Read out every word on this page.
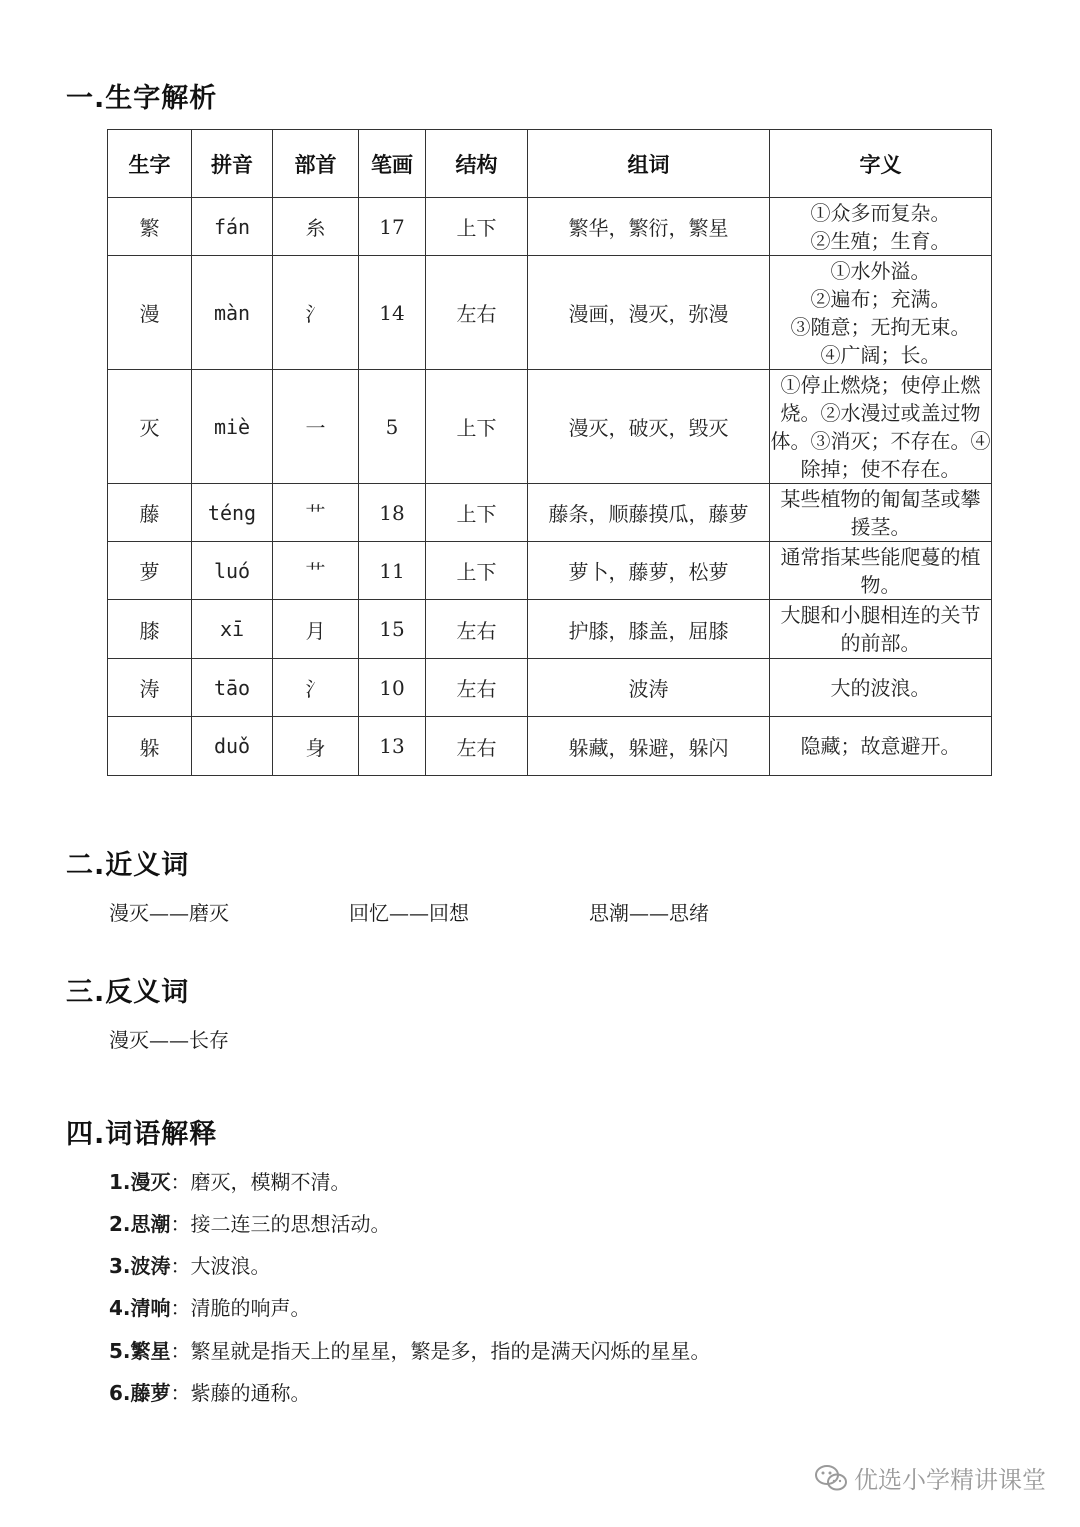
一.生字解析
生字	拼音	部首	笔画	结构	组词	字义
繁	fán	糸	17	上下	繁华，繁衍，繁星	①众多而复杂。
②生殖；生育。

漫	màn	氵	14	左右	漫画，漫灭，弥漫	①水外溢。
②遍布；充满。
③随意；无拘无束。
④广阔；长。

灭	miè	一	5	上下	漫灭，破灭，毁灭	①停止燃烧；使停止燃
烧。②水漫过或盖过物
体。③消灭；不存在。④
除掉；使不存在。

藤	téng	艹	18	上下	藤条，顺藤摸瓜，藤萝	某些植物的匍匐茎或攀
援茎。

萝	luó	艹	11	上下	萝卜，藤萝，松萝	通常指某些能爬蔓的植
物。

膝	xī	月	15	左右	护膝，膝盖，屈膝	大腿和小腿相连的关节
的前部。

涛	tāo	氵	10	左右	波涛	大的波浪。

躲	duǒ	身	13	左右	躲藏，躲避，躲闪	隐藏；故意避开。
二.近义词
漫灭——磨灭	回忆——回想	思潮——思绪
三.反义词
漫灭——长存
四.词语解释
1.漫灭：磨灭，模糊不清。
2.思潮：接二连三的思想活动。
3.波涛：大波浪。
4.清响：清脆的响声。
5.繁星：繁星就是指天上的星星，繁是多，指的是满天闪烁的星星。
6.藤萝：紫藤的通称。
优选小学精讲课堂
